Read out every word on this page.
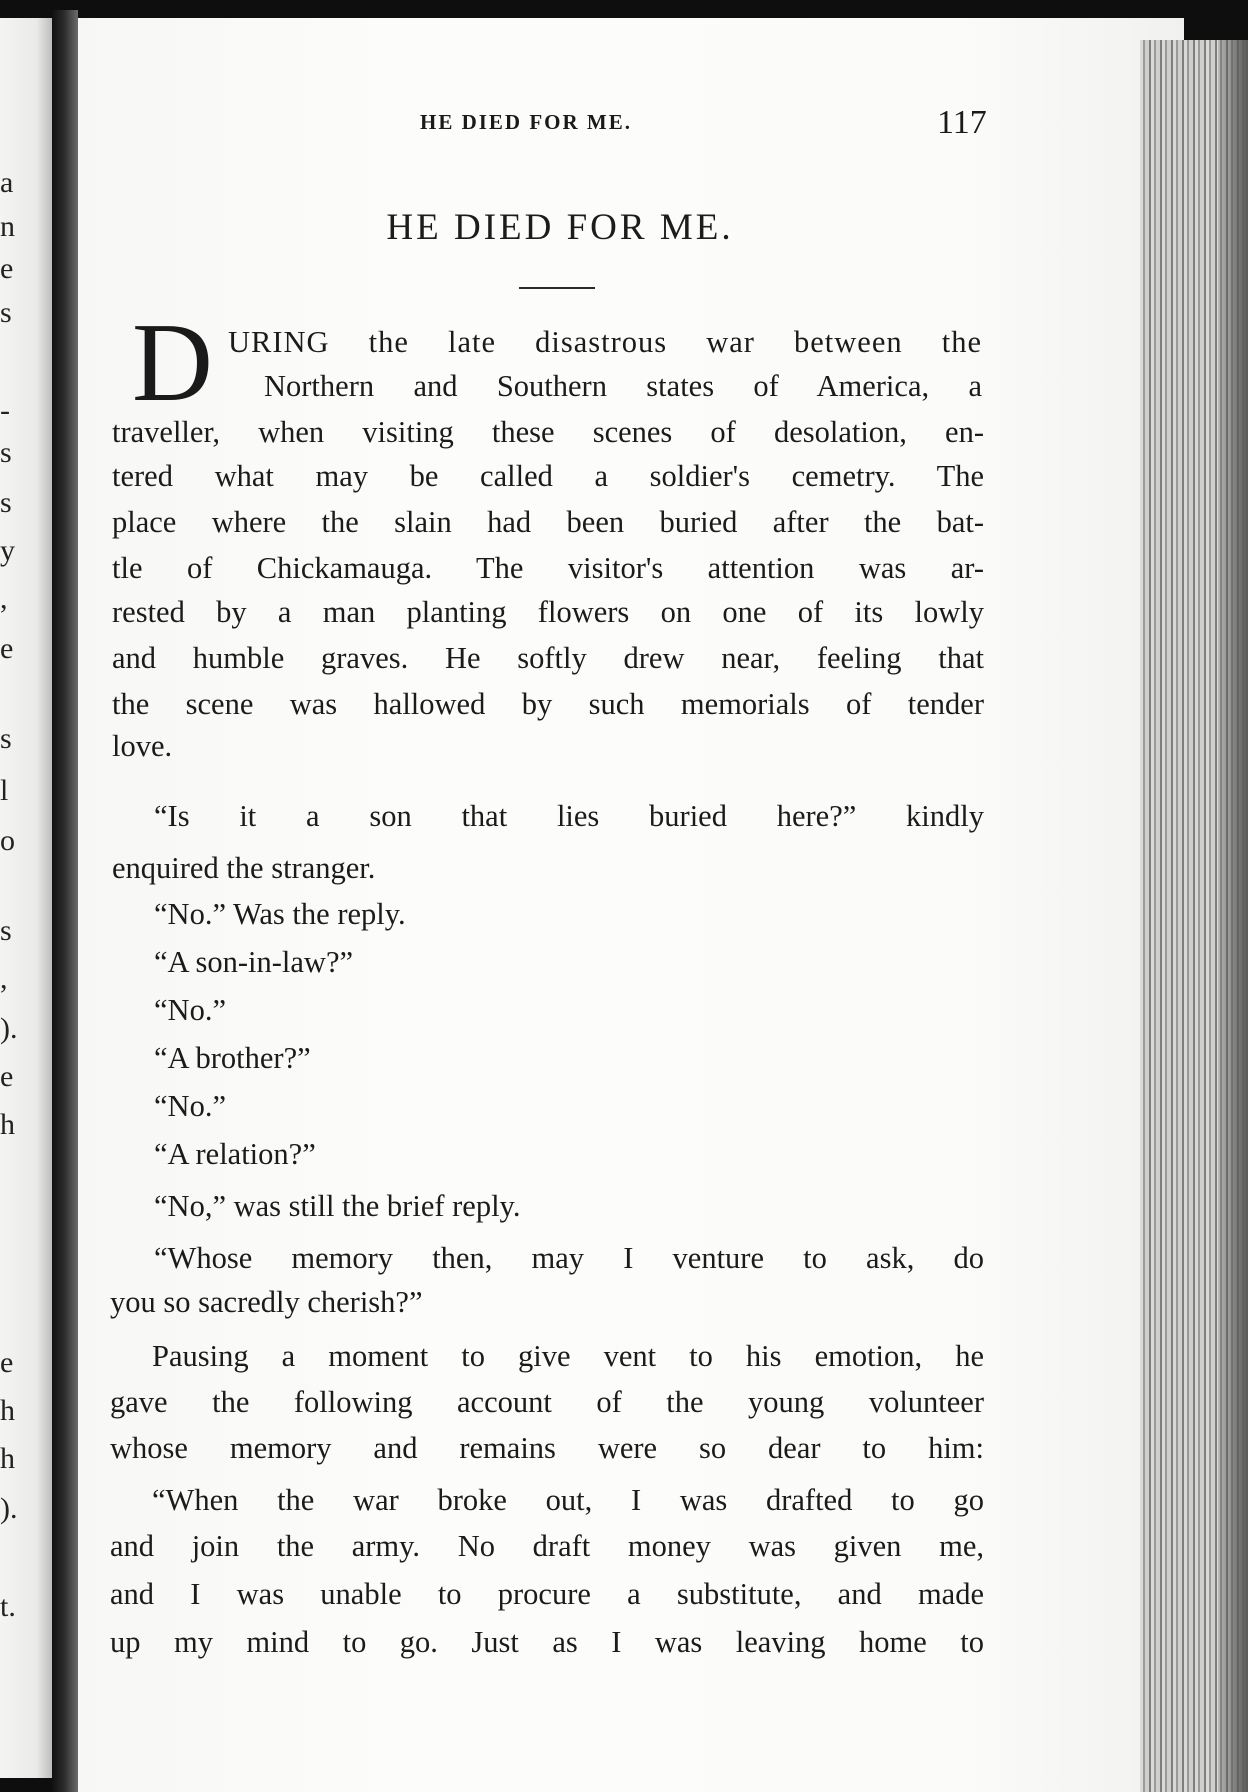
a
n
e
s
-
s
s
y
,
e
s
l
o
s
,
).
e
h
e
h
h
).
t.
HE DIED FOR ME.	117
HE DIED FOR ME.
D URING the late disastrous war between the
Northern and Southern states of America, a
traveller, when visiting these scenes of desolation, en-
tered what may be called a soldier's cemetry. The
place where the slain had been buried after the bat-
tle of Chickamauga. The visitor's attention was ar-
rested by a man planting flowers on one of its lowly
and humble graves. He softly drew near, feeling that
the scene was hallowed by such memorials of tender
love.
“Is it a son that lies buried here?” kindly
enquired the stranger.
“No.” Was the reply.
“A son-in-law?”
“No.”
“A brother?”
“No.”
“A relation?”
“No,” was still the brief reply.
“Whose memory then, may I venture to ask, do
you so sacredly cherish?”
Pausing a moment to give vent to his emotion, he
gave the following account of the young volunteer
whose memory and remains were so dear to him:
“When the war broke out, I was drafted to go
and join the army. No draft money was given me,
and I was unable to procure a substitute, and made
up my mind to go. Just as I was leaving home to
